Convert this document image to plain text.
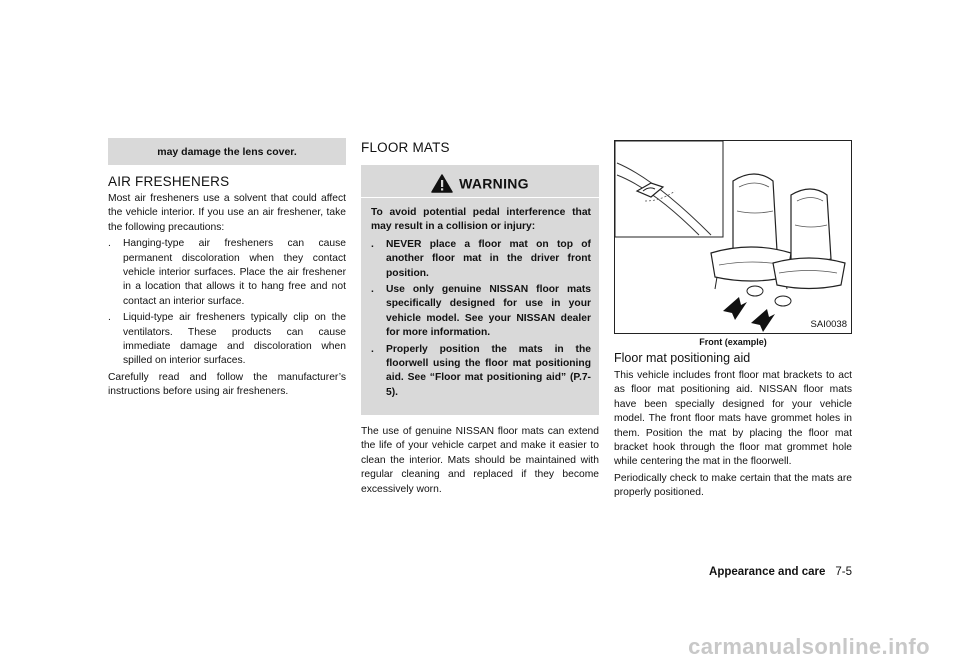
may damage the lens cover.
AIR FRESHENERS

Most air fresheners use a solvent that could affect the vehicle interior. If you use an air freshener, take the following precautions:

. Hanging-type air fresheners can cause permanent discoloration when they contact vehicle interior surfaces. Place the air freshener in a location that allows it to hang free and not contact an interior surface.
. Liquid-type air fresheners typically clip on the ventilators. These products can cause immediate damage and discoloration when spilled on interior surfaces.

Carefully read and follow the manufacturer’s instructions before using air fresheners.

FLOOR MATS
WARNING

To avoid potential pedal interference that may result in a collision or injury:

. NEVER place a floor mat on top of another floor mat in the driver front position.
. Use only genuine NISSAN floor mats specifically designed for use in your vehicle model. See your NISSAN dealer for more information.
. Properly position the mats in the floorwell using the floor mat positioning aid. See “Floor mat positioning aid” (P.7-5).
The use of genuine NISSAN floor mats can extend the life of your vehicle carpet and make it easier to clean the interior. Mats should be maintained with regular cleaning and replaced if they become excessively worn.
SAI0038
Front (example)
Floor mat positioning aid

This vehicle includes front floor mat brackets to act as floor mat positioning aid. NISSAN floor mats have been specially designed for your vehicle model. The front floor mats have grommet holes in them. Position the mat by placing the floor mat bracket hook through the floor mat grommet hole while centering the mat in the floorwell.

Periodically check to make certain that the mats are properly positioned.

Appearance and care 7-5
carmanualsonline.info
